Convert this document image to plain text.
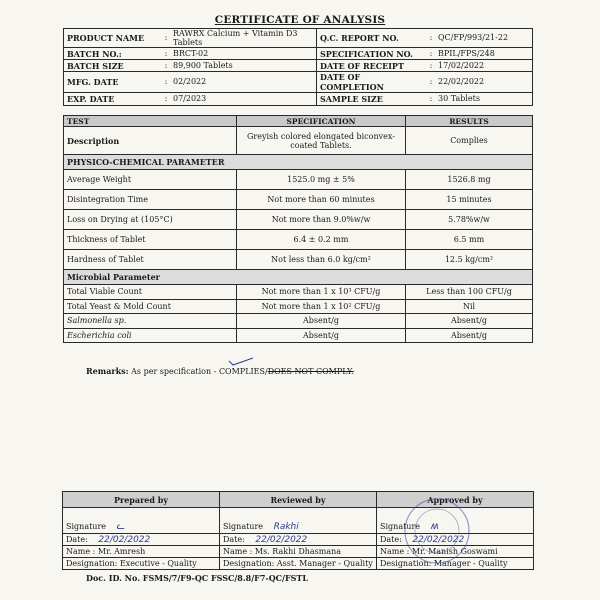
CERTIFICATE OF ANALYSIS
PRODUCT NAME	:	RAWRX Calcium + Vitamin D3 Tablets	Q.C. REPORT NO.	:	QC/FP/993/21-22
BATCH NO.:	:	BRCT-02	SPECIFICATION NO.	:	BPIL/FPS/248
BATCH SIZE	:	89,900 Tablets	DATE OF RECEIPT	:	17/02/2022
MFG. DATE	:	02/2022	DATE OF COMPLETION	:	22/02/2022
EXP. DATE	:	07/2023	SAMPLE SIZE	:	30 Tablets
TEST	SPECIFICATION	RESULTS
Description	Greyish colored elongated biconvex-coated Tablets.	Complies
PHYSICO-CHEMICAL PARAMETER		
Average Weight	1525.0 mg ± 5%	1526.8 mg
Disintegration Time	Not more than 60 minutes	15 minutes
Loss on Drying at (105°C)	Not more than 9.0%w/w	5.78%w/w
Thickness of Tablet	6.4 ± 0.2 mm	6.5 mm
Hardness of Tablet	Not less than 6.0 kg/cm²	12.5 kg/cm²
Microbial Parameter		
Total Viable Count	Not more than 1 x 10³ CFU/g	Less than 100 CFU/g
Total Yeast & Mold Count	Not more than 1 x 10² CFU/g	Nil
Salmonella sp.	Absent/g	Absent/g
Escherichia coli	Absent/g	Absent/g
Remarks: As per specification - COMPLIES/DOES NOT COMPLY.
Prepared by	Reviewed by	Approved by
Signature ᓚ	Signature Rakhi	Signature ʍ
Date: 22/02/2022	Date: 22/02/2022	Date: 22/02/2022
Name : Mr. Amresh	Name : Ms. Rakhi Dhasmana	Name : Mr. Manish Goswami
Designation: Executive - Quality	Designation: Asst. Manager - Quality	Designation: Manager - Quality
Doc. ID. No. FSMS/7/F9-QC FSSC/8.8/F7-QC/FSTL
